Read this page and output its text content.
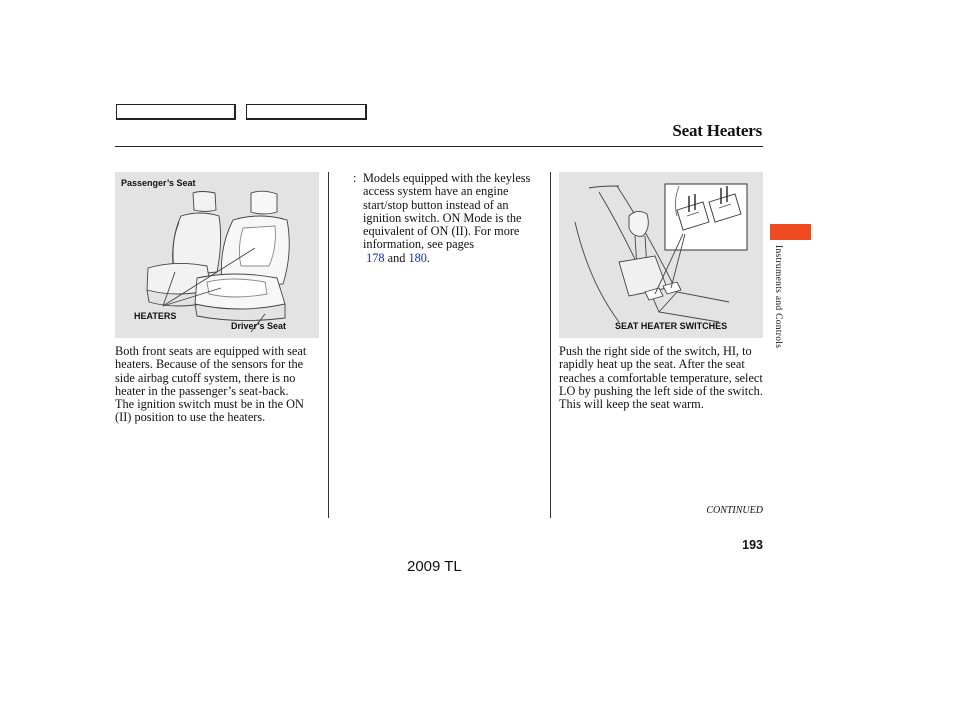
Seat Heaters
Passenger’s Seat
HEATERS
Driver’s Seat	SEAT HEATER SWITCHES
Both front seats are equipped with seat heaters. Because of the sensors for the side airbag cutoff system, there is no heater in the passenger’s seat-back.
The ignition switch must be in the ON (II) position to use the heaters.
: Models equipped with the keyless access system have an engine start/stop button instead of an ignition switch. ON Mode is the equivalent of ON (II). For more information, see pages
178 and 180.
Push the right side of the switch, HI, to rapidly heat up the seat. After the seat reaches a comfortable temperature, select LO by pushing the left side of the switch. This will keep the seat warm.
CONTINUED
193
2009 TL
Instruments and Controls
